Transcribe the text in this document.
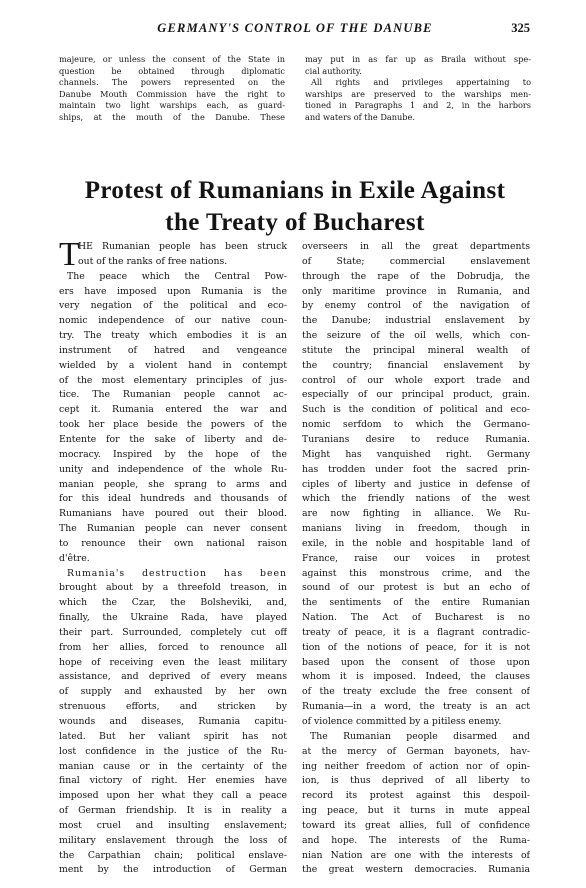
GERMANY'S CONTROL OF THE DANUBE	325
majeure, or unless the consent of the State in
question be obtained through diplomatic
channels. The powers represented on the
Danube Mouth Commission have the right to
maintain two light warships each, as guard-
ships, at the mouth of the Danube. These
may put in as far up as Braila without spe-
cial authority.
All rights and privileges appertaining to
warships are preserved to the warships men-
tioned in Paragraphs 1 and 2, in the harbors
and waters of the Danube.
Protest of Rumanians in Exile Against
the Treaty of Bucharest
T
HE Rumanian people has been struck
out of the ranks of free nations.
The peace which the Central Pow-
ers have imposed upon Rumania is the
very negation of the political and eco-
nomic independence of our native coun-
try. The treaty which embodies it is an
instrument of hatred and vengeance
wielded by a violent hand in contempt
of the most elementary principles of jus-
tice. The Rumanian people cannot ac-
cept it. Rumania entered the war and
took her place beside the powers of the
Entente for the sake of liberty and de-
mocracy. Inspired by the hope of the
unity and independence of the whole Ru-
manian people, she sprang to arms and
for this ideal hundreds and thousands of
Rumanians have poured out their blood.
The Rumanian people can never consent
to renounce their own national raison
d'être.
Rumania's destruction has been
brought about by a threefold treason, in
which the Czar, the Bolsheviki, and,
finally, the Ukraine Rada, have played
their part. Surrounded, completely cut off
from her allies, forced to renounce all
hope of receiving even the least military
assistance, and deprived of every means
of supply and exhausted by her own
strenuous efforts, and stricken by
wounds and diseases, Rumania capitu-
lated. But her valiant spirit has not
lost confidence in the justice of the Ru-
manian cause or in the certainty of the
final victory of right. Her enemies have
imposed upon her what they call a peace
of German friendship. It is in reality a
most cruel and insulting enslavement;
military enslavement through the loss of
the Carpathian chain; political enslave-
ment by the introduction of German
overseers in all the great departments
of State; commercial enslavement
through the rape of the Dobrudja, the
only maritime province in Rumania, and
by enemy control of the navigation of
the Danube; industrial enslavement by
the seizure of the oil wells, which con-
stitute the principal mineral wealth of
the country; financial enslavement by
control of our whole export trade and
especially of our principal product, grain.
Such is the condition of political and eco-
nomic serfdom to which the Germano-
Turanians desire to reduce Rumania.
Might has vanquished right. Germany
has trodden under foot the sacred prin-
ciples of liberty and justice in defense of
which the friendly nations of the west
are now fighting in alliance. We Ru-
manians living in freedom, though in
exile, in the noble and hospitable land of
France, raise our voices in protest
against this monstrous crime, and the
sound of our protest is but an echo of
the sentiments of the entire Rumanian
Nation. The Act of Bucharest is no
treaty of peace, it is a flagrant contradic-
tion of the notions of peace, for it is not
based upon the consent of those upon
whom it is imposed. Indeed, the clauses
of the treaty exclude the free consent of
Rumania—in a word, the treaty is an act
of violence committed by a pitiless enemy.
The Rumanian people disarmed and
at the mercy of German bayonets, hav-
ing neither freedom of action nor of opin-
ion, is thus deprived of all liberty to
record its protest against this despoil-
ing peace, but it turns in mute appeal
toward its great allies, full of confidence
and hope. The interests of the Ruma-
nian Nation are one with the interests of
the great western democracies. Rumania
